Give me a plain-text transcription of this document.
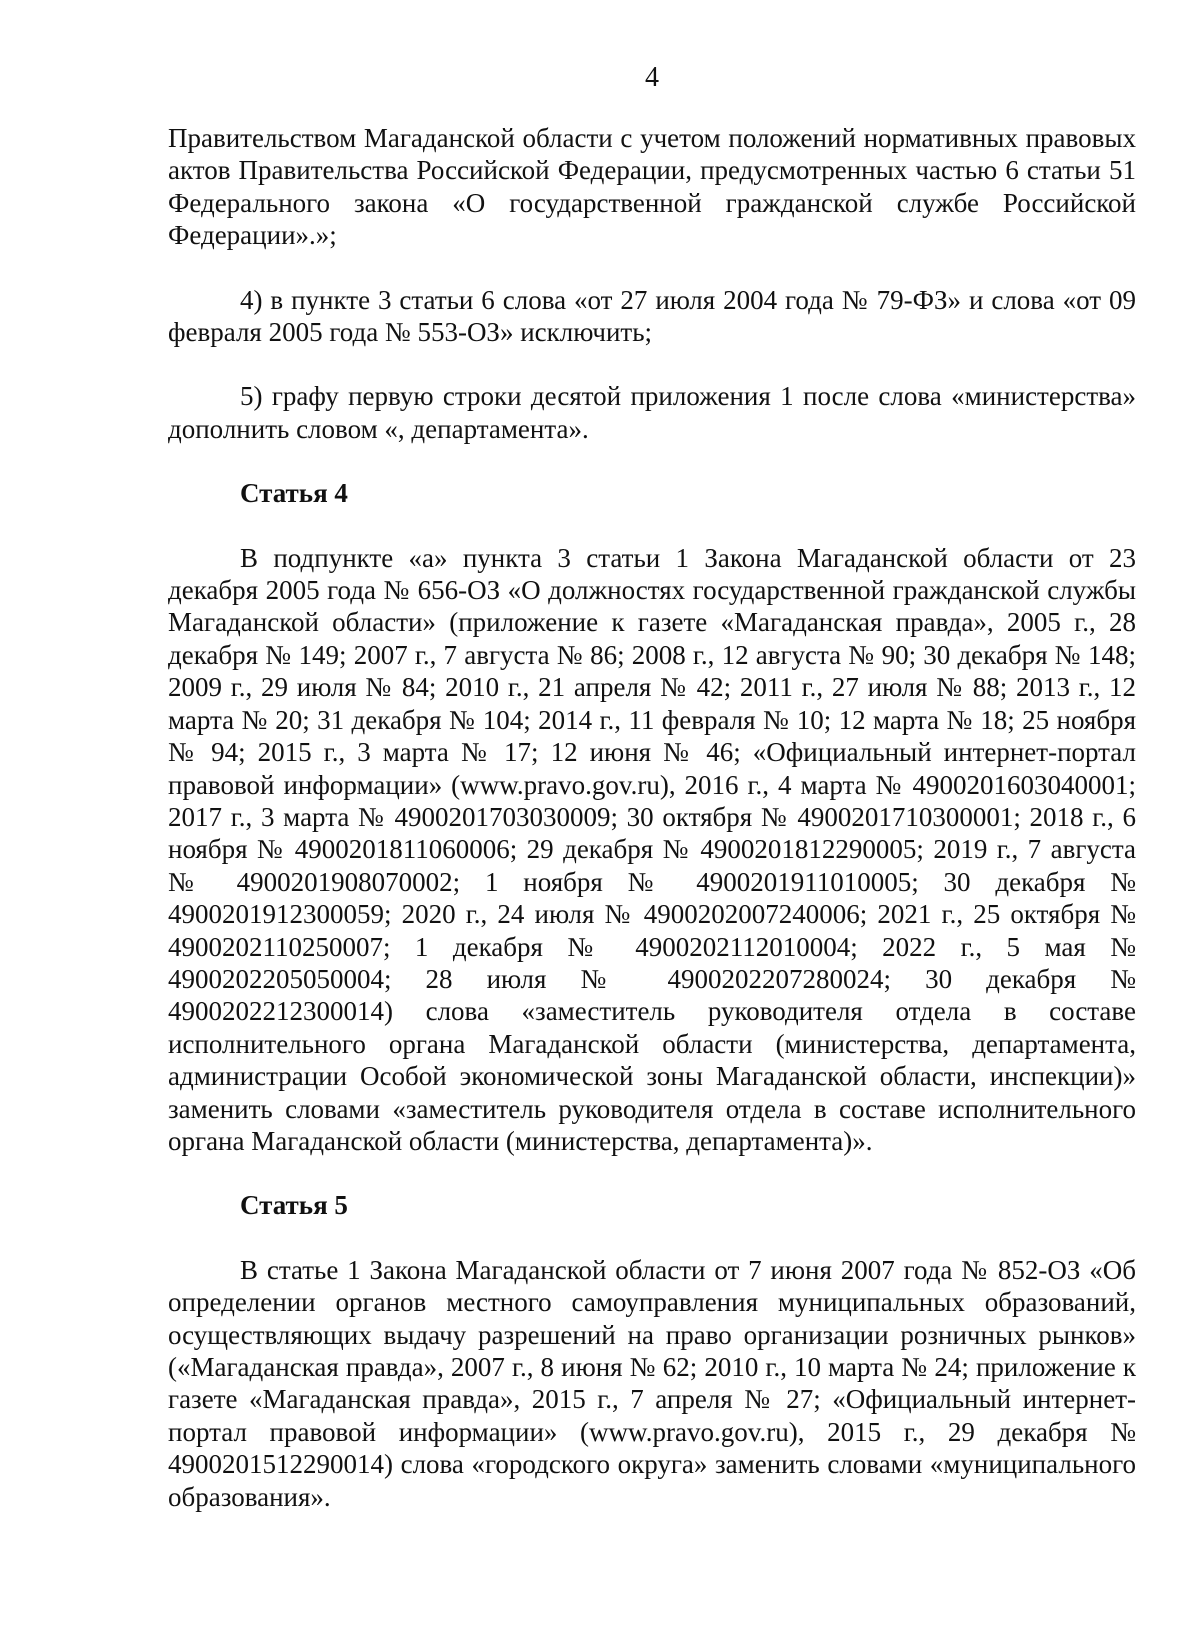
4

Правительством Магаданской области с учетом положений нормативных правовых актов Правительства Российской Федерации, предусмотренных частью 6 статьи 51 Федерального закона «О государственной гражданской службе Российской Федерации».»;

4) в пункте 3 статьи 6 слова «от 27 июля 2004 года № 79-ФЗ» и слова «от 09 февраля 2005 года № 553-ОЗ» исключить;

5) графу первую строки десятой приложения 1 после слова «министерства» дополнить словом «, департамента».

Статья 4

В подпункте «а» пункта 3 статьи 1 Закона Магаданской области от 23 декабря 2005 года № 656-ОЗ «О должностях государственной гражданской службы Магаданской области» (приложение к газете «Магаданская правда», 2005 г., 28 декабря № 149; 2007 г., 7 августа № 86; 2008 г., 12 августа № 90; 30 декабря № 148; 2009 г., 29 июля № 84; 2010 г., 21 апреля № 42; 2011 г., 27 июля № 88; 2013 г., 12 марта № 20; 31 декабря № 104; 2014 г., 11 февраля № 10; 12 марта № 18; 25 ноября № 94; 2015 г., 3 марта № 17; 12 июня № 46; «Официальный интернет-портал правовой информации» (www.pravo.gov.ru), 2016 г., 4 марта № 4900201603040001; 2017 г., 3 марта № 4900201703030009; 30 октября № 4900201710300001; 2018 г., 6 ноября № 4900201811060006; 29 декабря № 4900201812290005; 2019 г., 7 августа № 4900201908070002; 1 ноября № 4900201911010005; 30 декабря № 4900201912300059; 2020 г., 24 июля № 4900202007240006; 2021 г., 25 октября № 4900202110250007; 1 декабря № 4900202112010004; 2022 г., 5 мая № 4900202205050004; 28 июля № 4900202207280024; 30 декабря № 4900202212300014) слова «заместитель руководителя отдела в составе исполнительного органа Магаданской области (министерства, департамента, администрации Особой экономической зоны Магаданской области, инспекции)» заменить словами «заместитель руководителя отдела в составе исполнительного органа Магаданской области (министерства, департамента)».

Статья 5

В статье 1 Закона Магаданской области от 7 июня 2007 года № 852-ОЗ «Об определении органов местного самоуправления муниципальных образований, осуществляющих выдачу разрешений на право организации розничных рынков» («Магаданская правда», 2007 г., 8 июня № 62; 2010 г., 10 марта № 24; приложение к газете «Магаданская правда», 2015 г., 7 апреля № 27; «Официальный интернет-портал правовой информации» (www.pravo.gov.ru), 2015 г., 29 декабря № 4900201512290014) слова «городского округа» заменить словами «муниципального образования».
